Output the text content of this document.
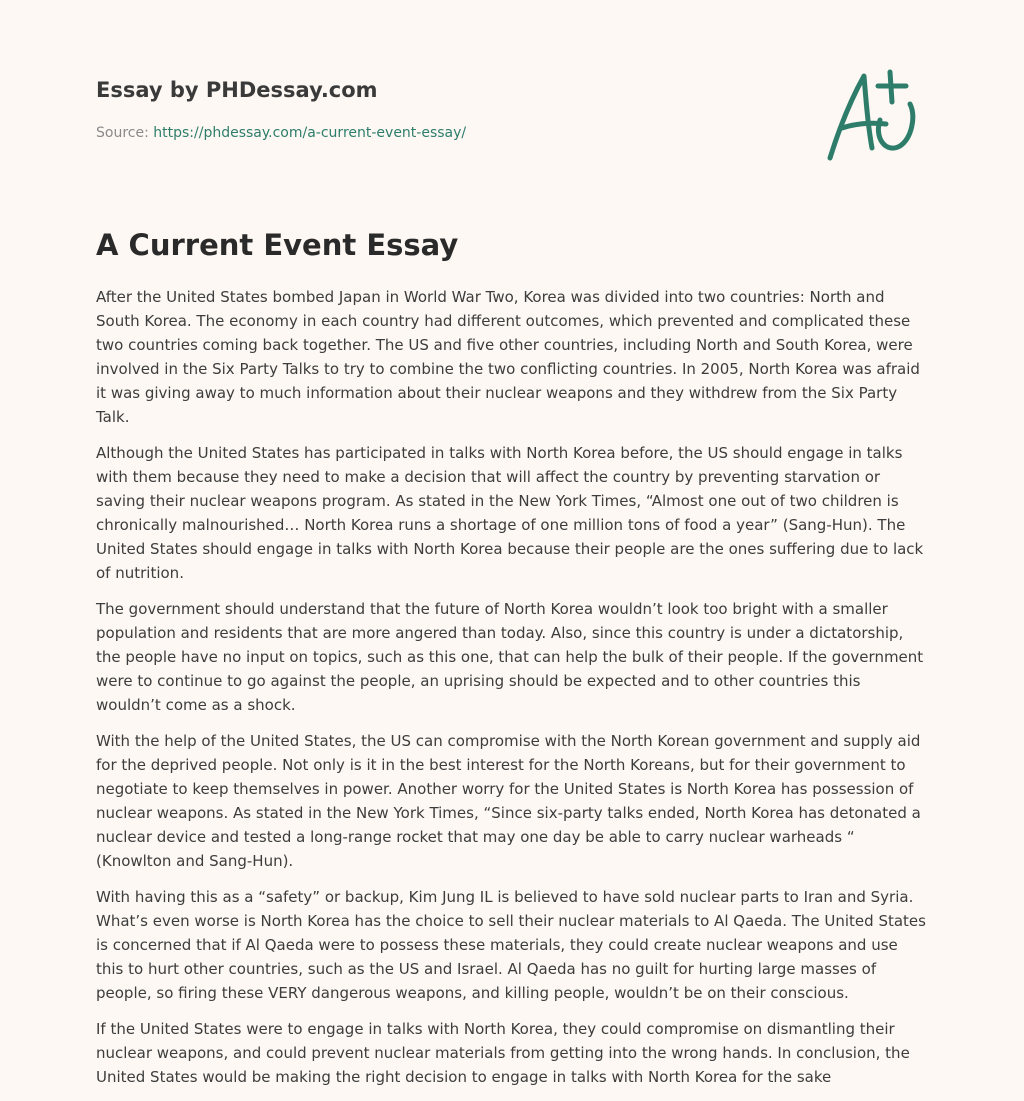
Essay by PHDessay.com
Source: https://phdessay.com/a-current-event-essay/
A Current Event Essay

After the United States bombed Japan in World War Two, Korea was divided into two countries: North and South Korea. The economy in each country had different outcomes, which prevented and complicated these two countries coming back together. The US and five other countries, including North and South Korea, were involved in the Six Party Talks to try to combine the two conflicting countries. In 2005, North Korea was afraid it was giving away to much information about their nuclear weapons and they withdrew from the Six Party Talk.

Although the United States has participated in talks with North Korea before, the US should engage in talks with them because they need to make a decision that will affect the country by preventing starvation or saving their nuclear weapons program. As stated in the New York Times, “Almost one out of two children is chronically malnourished… North Korea runs a shortage of one million tons of food a year” (Sang-Hun). The United States should engage in talks with North Korea because their people are the ones suffering due to lack of nutrition.

The government should understand that the future of North Korea wouldn’t look too bright with a smaller population and residents that are more angered than today. Also, since this country is under a dictatorship, the people have no input on topics, such as this one, that can help the bulk of their people. If the government were to continue to go against the people, an uprising should be expected and to other countries this wouldn’t come as a shock.

With the help of the United States, the US can compromise with the North Korean government and supply aid for the deprived people. Not only is it in the best interest for the North Koreans, but for their government to negotiate to keep themselves in power. Another worry for the United States is North Korea has possession of nuclear weapons. As stated in the New York Times, “Since six-party talks ended, North Korea has detonated a nuclear device and tested a long-range rocket that may one day be able to carry nuclear warheads “ (Knowlton and Sang-Hun).

With having this as a “safety” or backup, Kim Jung IL is believed to have sold nuclear parts to Iran and Syria. What’s even worse is North Korea has the choice to sell their nuclear materials to Al Qaeda. The United States is concerned that if Al Qaeda were to possess these materials, they could create nuclear weapons and use this to hurt other countries, such as the US and Israel. Al Qaeda has no guilt for hurting large masses of people, so firing these VERY dangerous weapons, and killing people, wouldn’t be on their conscious.

If the United States were to engage in talks with North Korea, they could compromise on dismantling their nuclear weapons, and could prevent nuclear materials from getting into the wrong hands. In conclusion, the United States would be making the right decision to engage in talks with North Korea for the sake
